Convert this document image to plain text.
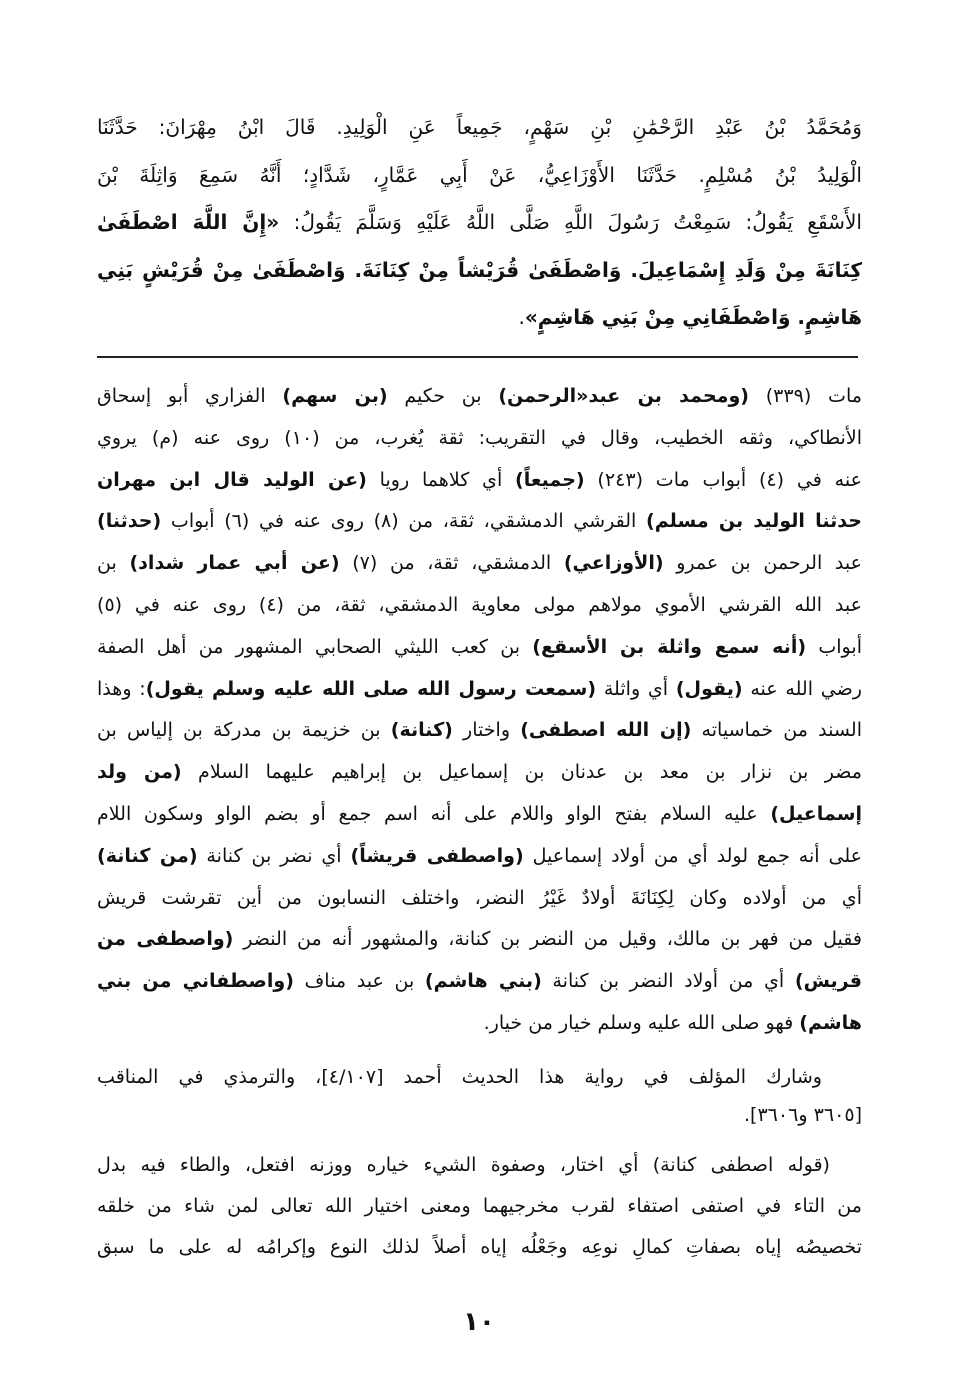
وَمُحَمَّدُ بْنُ عَبْدِ الرَّحْمَٰنِ بْنِ سَهْمٍ، جَمِيعاً عَنِ الْوَلِيدِ. قَالَ ابْنُ مِهْرَانَ: حَدَّثَنَا
الْوَلِيدُ بْنُ مُسْلِمٍ. حَدَّثَنَا الأَوْزَاعِيُّ، عَنْ أَبِي عَمَّارٍ، شَدَّادٍ؛ أَنَّهُ سَمِعَ وَاثِلَةَ بْنَ
الأَسْقَعِ يَقُولُ: سَمِعْتُ رَسُولَ اللَّهِ صَلَّى اللَّهُ عَلَيْهِ وَسَلَّمَ يَقُولُ: «إِنَّ اللَّهَ اصْطَفَىٰ
كِنَانَةَ مِنْ وَلَدِ إِسْمَاعِيلَ. وَاصْطَفَىٰ قُرَيْشاً مِنْ كِنَانَةَ. وَاصْطَفَىٰ مِنْ قُرَيْشٍ بَنِي
هَاشِمٍ. وَاصْطَفَانِي مِنْ بَنِي هَاشِمٍ».
مات (٣٣٩) (ومحمد بن عبد«الرحمن) بن حكيم (بن سهم) الفزاري أبو إسحاق
الأنطاكي، وثقه الخطيب، وقال في التقريب: ثقة يُغرب، من (١٠) روى عنه (م) يروي
عنه في (٤) أبواب مات (٢٤٣) (جميعاً) أي كلاهما رويا (عن الوليد قال ابن مهران
حدثنا الوليد بن مسلم) القرشي الدمشقي، ثقة، من (٨) روى عنه في (٦) أبواب (حدثنا)
عبد الرحمن بن عمرو (الأوزاعي) الدمشقي، ثقة، من (٧) (عن أبي عمار شداد) بن
عبد الله القرشي الأموي مولاهم مولى معاوية الدمشقي، ثقة، من (٤) روى عنه في (٥)
أبواب (أنه سمع واثلة بن الأسقع) بن كعب الليثي الصحابي المشهور من أهل الصفة
رضي الله عنه (يقول) أي واثلة (سمعت رسول الله صلى الله عليه وسلم يقول): وهذا
السند من خماسياته (إن الله اصطفى) واختار (كنانة) بن خزيمة بن مدركة بن إلياس بن
مضر بن نزار بن معد بن عدنان بن إسماعيل بن إبراهيم عليهما السلام (من ولد
إسماعيل) عليه السلام بفتح الواو واللام على أنه اسم جمع أو بضم الواو وسكون اللام
على أنه جمع لولد أي من أولاد إسماعيل (واصطفى قريشاً) أي نضر بن كنانة (من كنانة)
أي من أولاده وكان لِكِنَانَةَ أولادٌ غَيْرُ النضر، واختلف النسابون من أين تقرشت قريش
فقيل من فهر بن مالك، وقيل من النضر بن كنانة، والمشهور أنه من النضر (واصطفى من
قريش) أي من أولاد النضر بن كنانة (بني هاشم) بن عبد مناف (واصطفاني من بني
هاشم) فهو صلى الله عليه وسلم خيار من خيار.
وشارك المؤلف في رواية هذا الحديث أحمد [٤/١٠٧]، والترمذي في المناقب
[٣٦٠٥ و٣٦٠٦].
(قوله اصطفى كنانة) أي اختار، وصفوة الشيء خياره ووزنه افتعل، والطاء فيه بدل
من التاء في اصتفى اصتفاء لقرب مخرجيهما ومعنى اختيار الله تعالى لمن شاء من خلقه
تخصيصُه إياه بصفاتِ كمالِ نوعِه وجَعْلُه إياه أصلاً لذلك النوع وإكرامُه له على ما سبق
١٠
